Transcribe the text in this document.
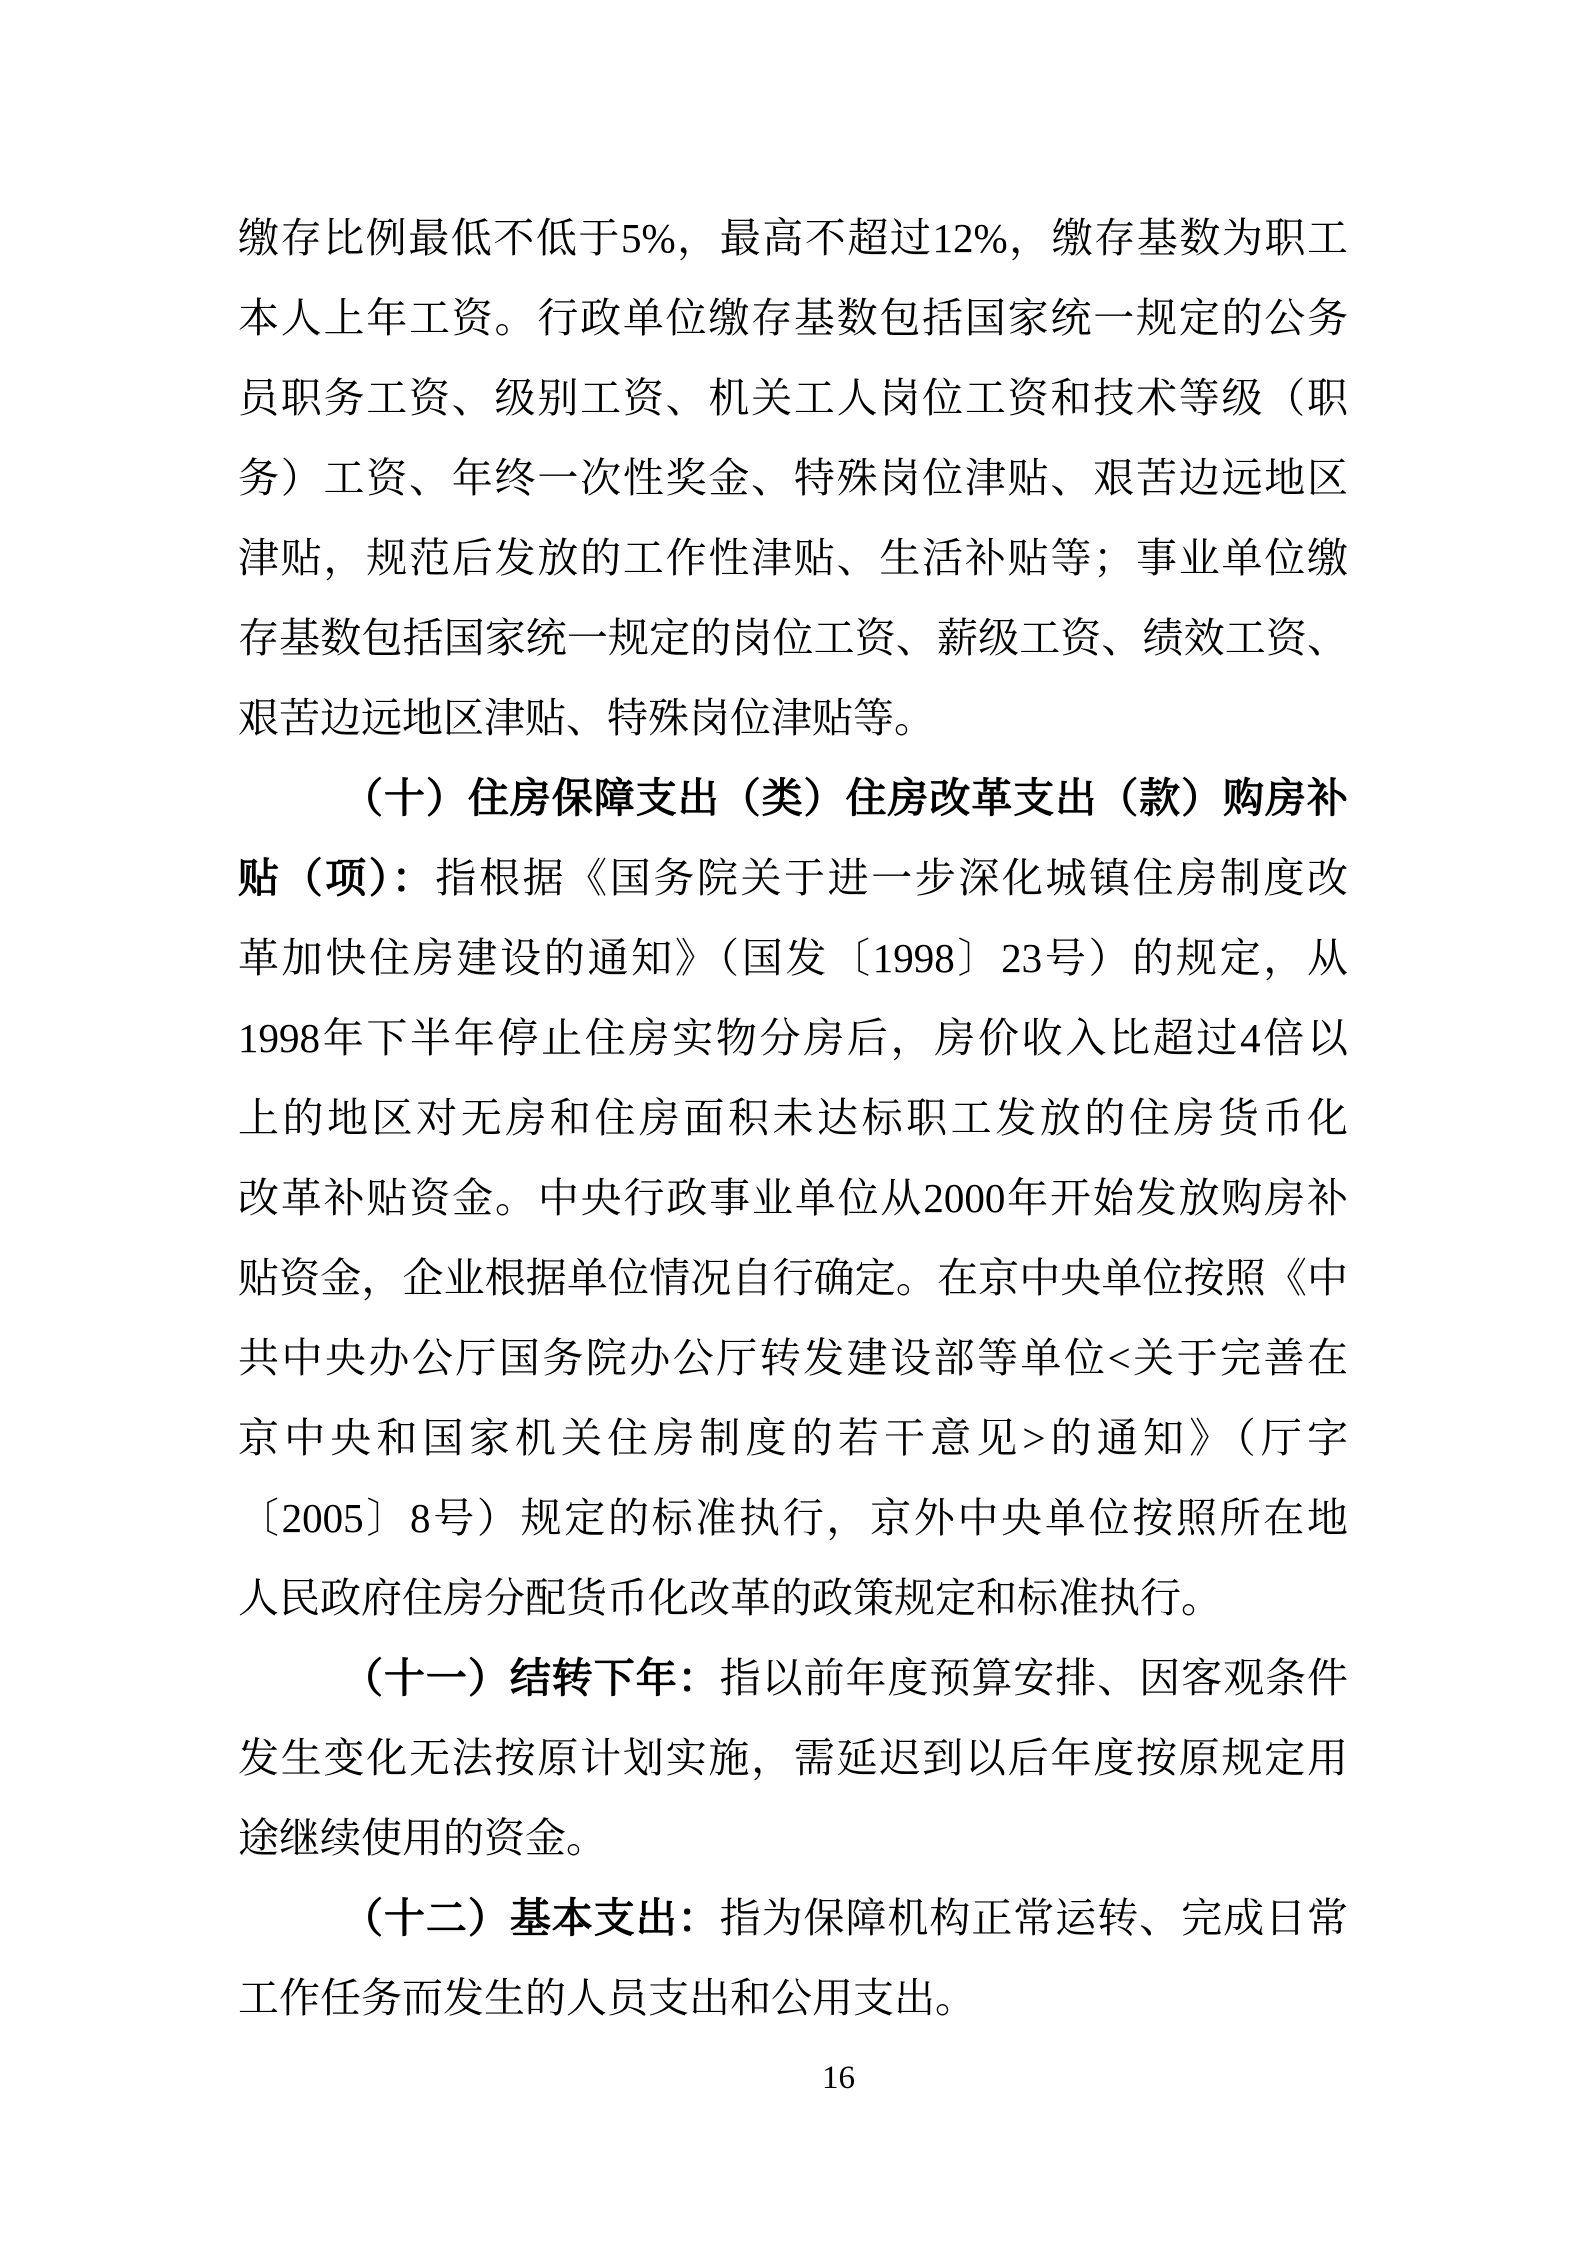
缴存比例最低不低于5%，最高不超过12%，缴存基数为职工
本人上年工资。行政单位缴存基数包括国家统一规定的公务
员职务工资、级别工资、机关工人岗位工资和技术等级（职
务）工资、年终一次性奖金、特殊岗位津贴、艰苦边远地区
津贴，规范后发放的工作性津贴、生活补贴等；事业单位缴
存基数包括国家统一规定的岗位工资、薪级工资、绩效工资、
艰苦边远地区津贴、特殊岗位津贴等。
（十）住房保障支出（类）住房改革支出（款）购房补
贴（项）：指根据《国务院关于进一步深化城镇住房制度改
革加快住房建设的通知》（国发〔1998〕23号）的规定，从
1998年下半年停止住房实物分房后，房价收入比超过4倍以
上的地区对无房和住房面积未达标职工发放的住房货币化
改革补贴资金。中央行政事业单位从2000年开始发放购房补
贴资金，企业根据单位情况自行确定。在京中央单位按照《中
共中央办公厅国务院办公厅转发建设部等单位<关于完善在
京中央和国家机关住房制度的若干意见>的通知》（厅字
〔2005〕8号）规定的标准执行，京外中央单位按照所在地
人民政府住房分配货币化改革的政策规定和标准执行。
（十一）结转下年：指以前年度预算安排、因客观条件
发生变化无法按原计划实施，需延迟到以后年度按原规定用
途继续使用的资金。
（十二）基本支出：指为保障机构正常运转、完成日常
工作任务而发生的人员支出和公用支出。
16
